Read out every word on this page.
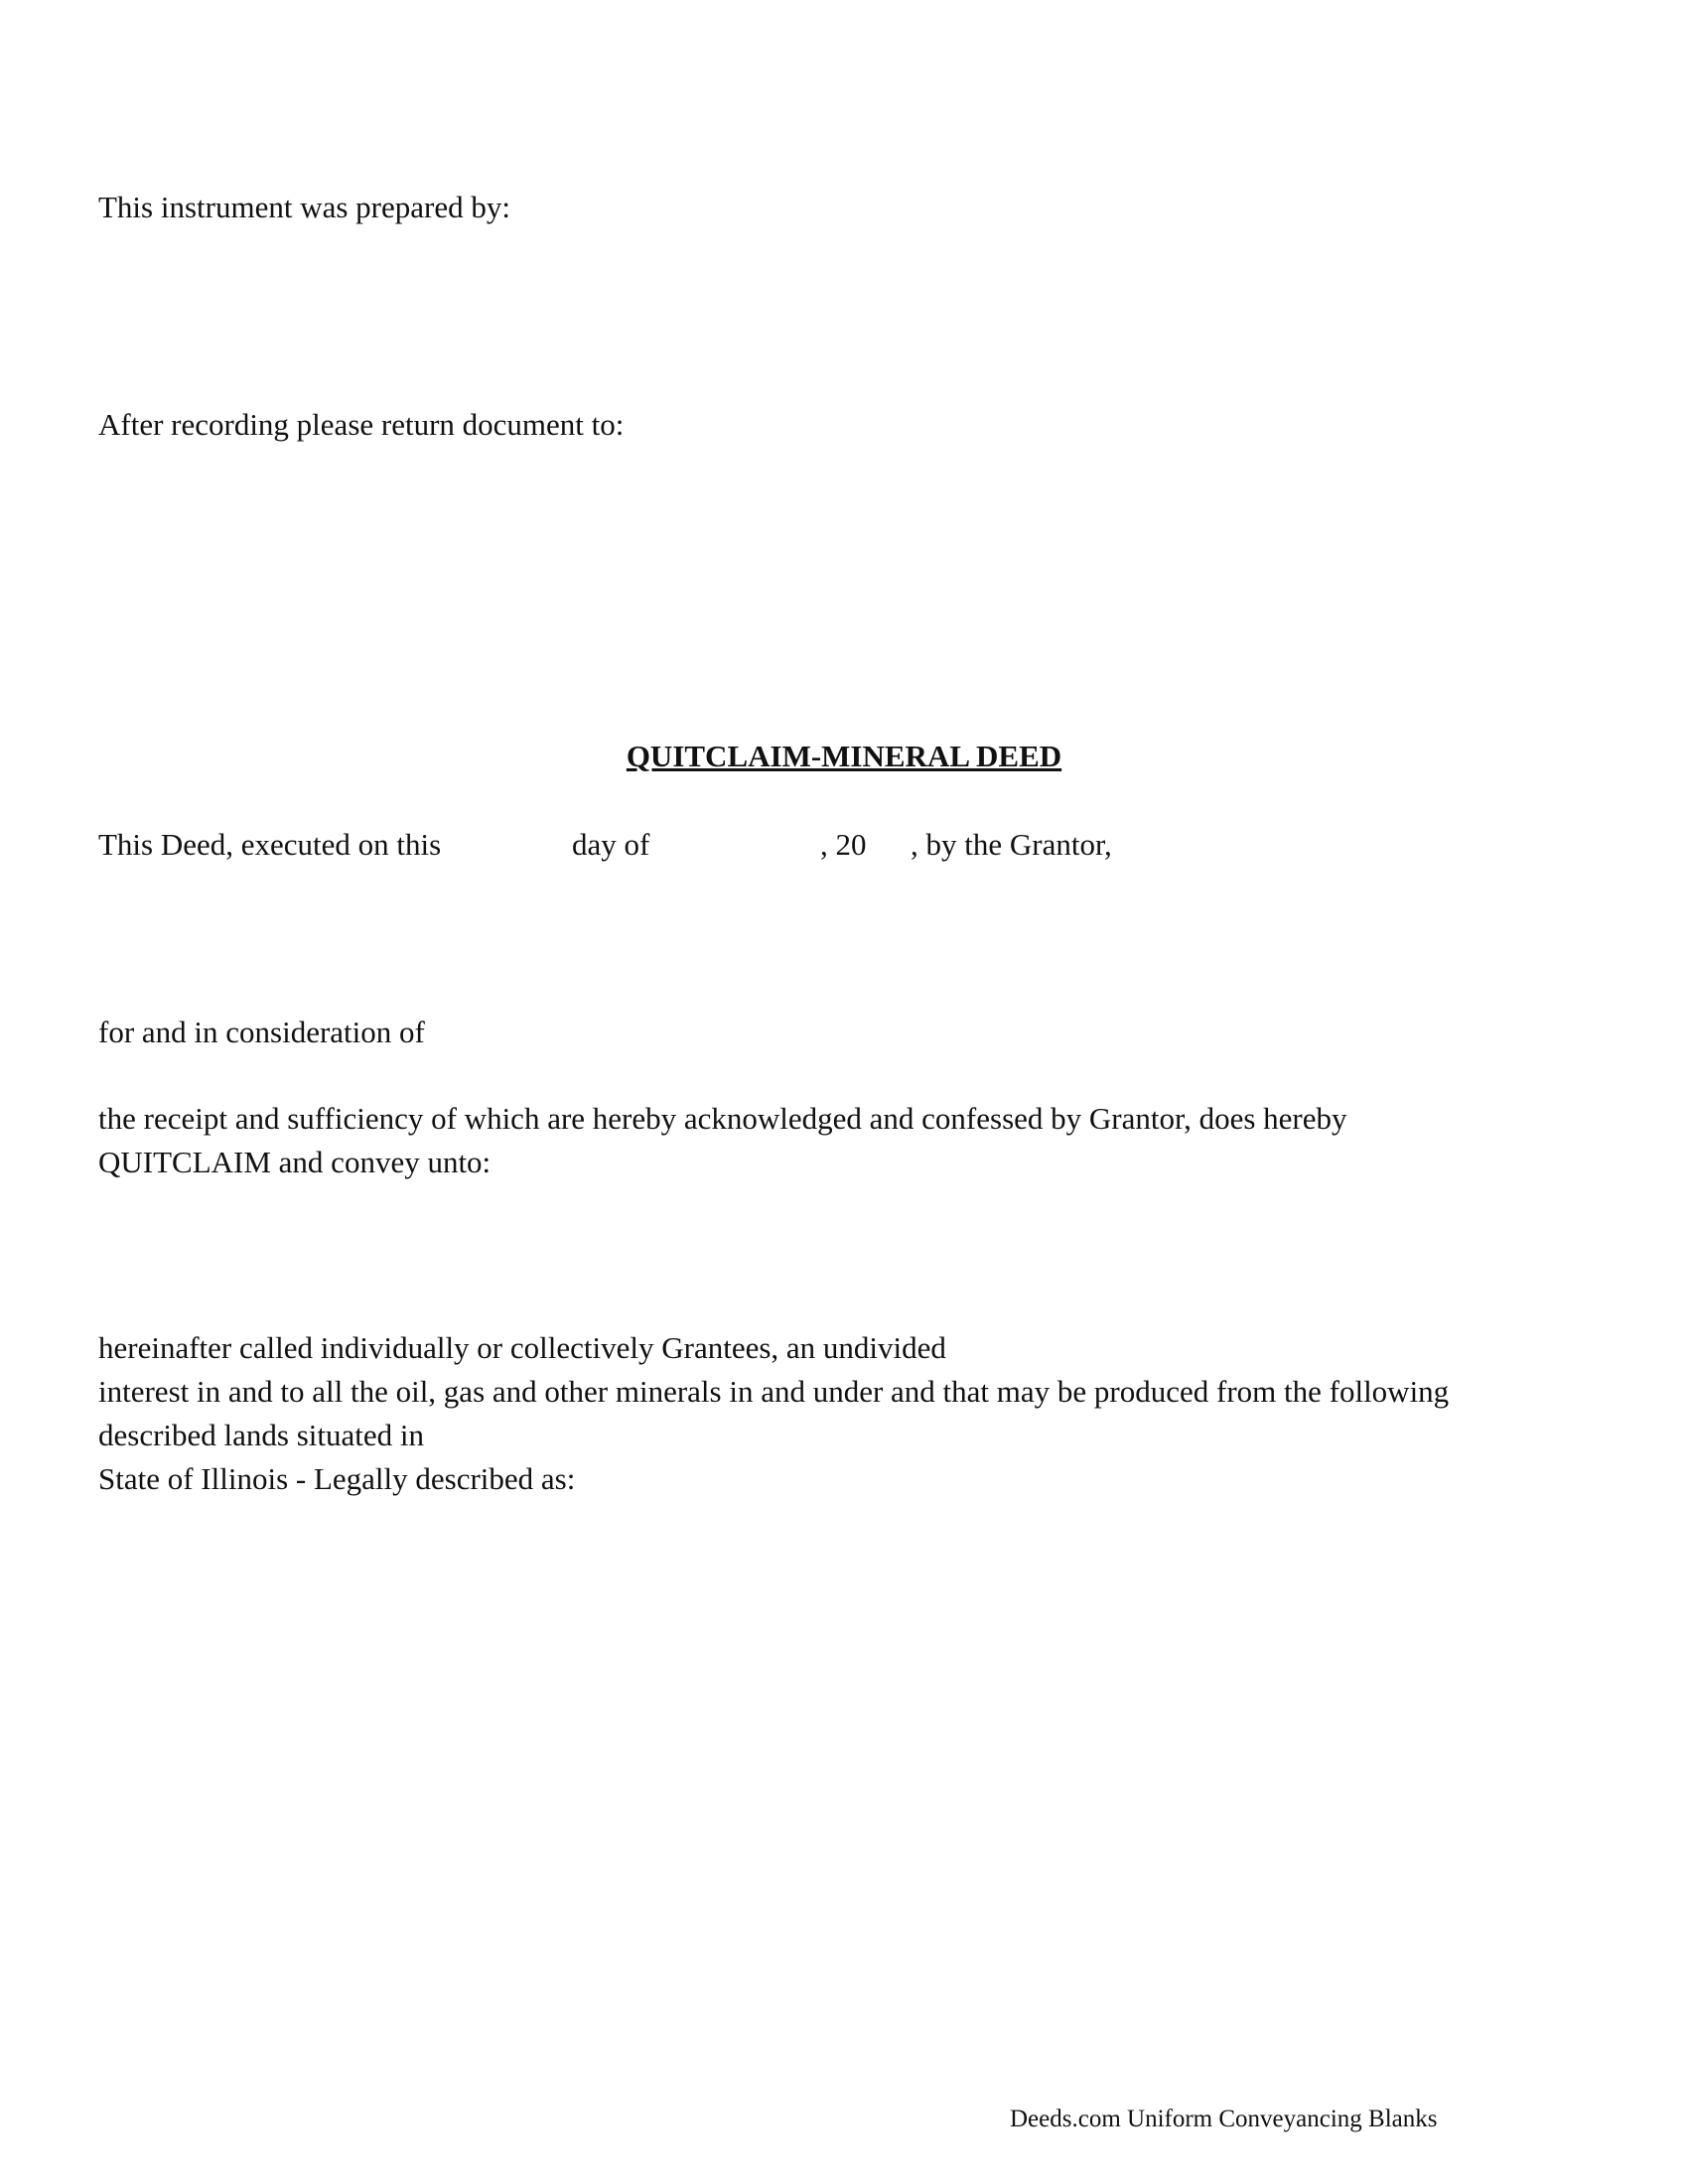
This instrument was prepared by:
After recording please return document to:
QUITCLAIM-MINERAL DEED
This Deed, executed on this	day of	, 20 , by the Grantor,
for and in consideration of
the receipt and sufficiency of which are hereby acknowledged and confessed by Grantor, does hereby
QUITCLAIM and convey unto:
hereinafter called individually or collectively Grantees, an undivided
interest in and to all the oil, gas and other minerals in and under and that may be produced from the following
described lands situated in
State of Illinois - Legally described as:
Deeds.com Uniform Conveyancing Blanks
